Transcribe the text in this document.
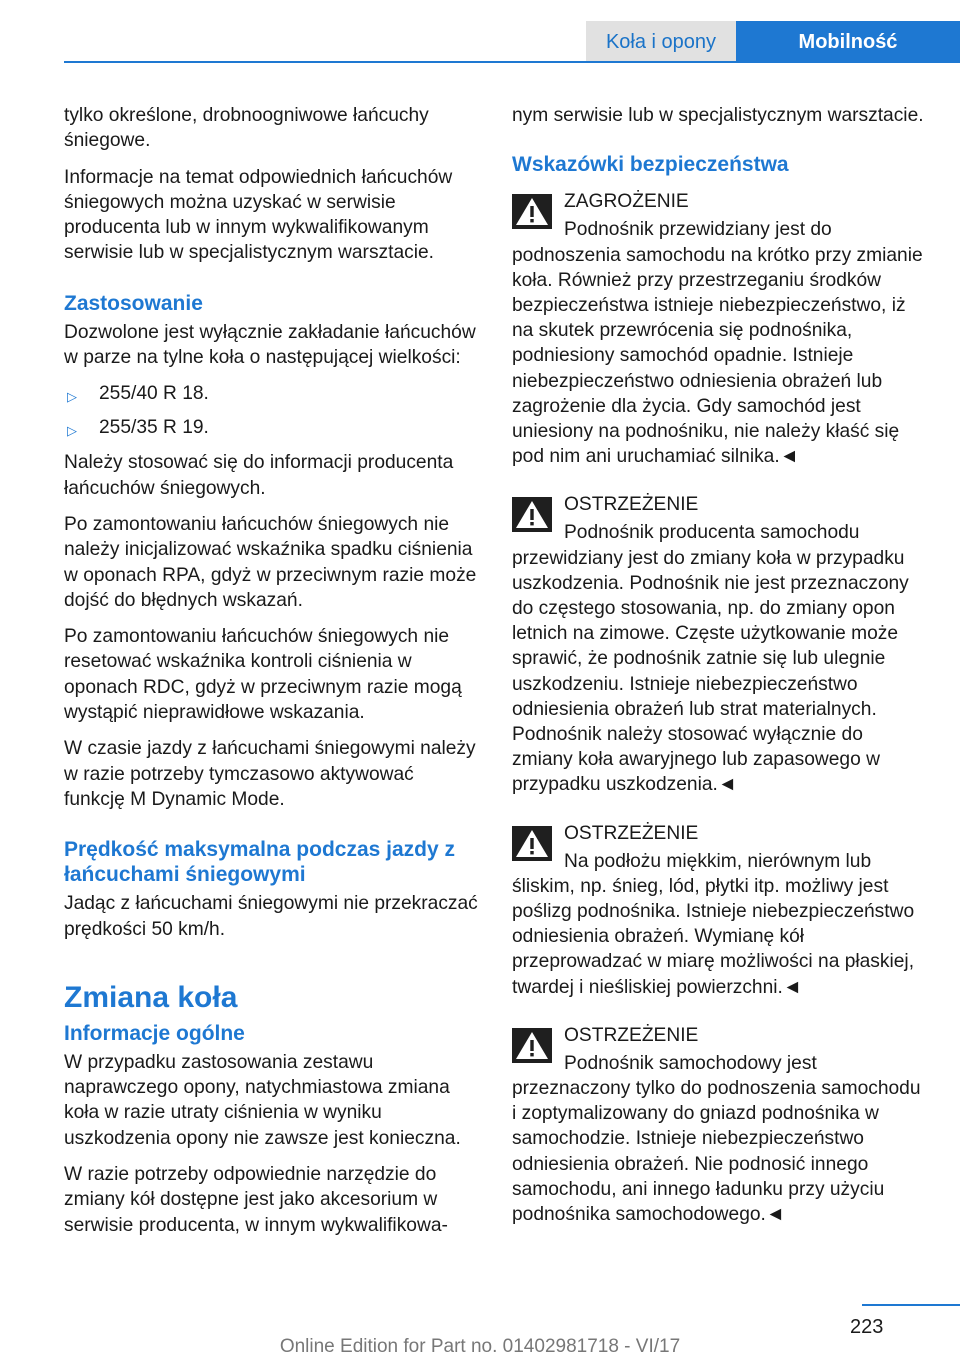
Koła i opony	Mobilność

tylko określone, drobnoogniwowe łańcuchy śniegowe.

Informacje na temat odpowiednich łańcuchów śniegowych można uzyskać w serwisie producenta lub w innym wykwalifikowanym serwisie lub w specjalistycznym warsztacie.

Zastosowanie

Dozwolone jest wyłącznie zakładanie łańcuchów w parze na tylne koła o następującej wielkości:

▷ 255/40 R 18.
▷ 255/35 R 19.

Należy stosować się do informacji producenta łańcuchów śniegowych.

Po zamontowaniu łańcuchów śniegowych nie należy inicjalizować wskaźnika spadku ciśnienia w oponach RPA, gdyż w przeciwnym razie może dojść do błędnych wskazań.

Po zamontowaniu łańcuchów śniegowych nie resetować wskaźnika kontroli ciśnienia w oponach RDC, gdyż w przeciwnym razie mogą wystąpić nieprawidłowe wskazania.

W czasie jazdy z łańcuchami śniegowymi należy w razie potrzeby tymczasowo aktywować funkcję M Dynamic Mode.

Prędkość maksymalna podczas jazdy z łańcuchami śniegowymi

Jadąc z łańcuchami śniegowymi nie przekraczać prędkości 50 km/h.

Zmiana koła
Informacje ogólne

W przypadku zastosowania zestawu naprawczego opony, natychmiastowa zmiana koła w razie utraty ciśnienia w wyniku uszkodzenia opony nie zawsze jest konieczna.

W razie potrzeby odpowiednie narzędzie do zmiany kół dostępne jest jako akcesorium w serwisie producenta, w innym wykwalifikowa-

nym serwisie lub w specjalistycznym warsztacie.

Wskazówki bezpieczeństwa
ZAGROŻENIE
Podnośnik przewidziany jest do podnoszenia samochodu na krótko przy zmianie koła. Również przy przestrzeganiu środków bezpieczeństwa istnieje niebezpieczeństwo, iż na skutek przewrócenia się podnośnika, podniesiony samochód opadnie. Istnieje niebezpieczeństwo odniesienia obrażeń lub zagrożenie dla życia. Gdy samochód jest uniesiony na podnośniku, nie należy kłaść się pod nim ani uruchamiać silnika.◄
OSTRZEŻENIE
Podnośnik producenta samochodu przewidziany jest do zmiany koła w przypadku uszkodzenia. Podnośnik nie jest przeznaczony do częstego stosowania, np. do zmiany opon letnich na zimowe. Częste użytkowanie może sprawić, że podnośnik zatnie się lub ulegnie uszkodzeniu. Istnieje niebezpieczeństwo odniesienia obrażeń lub strat materialnych. Podnośnik należy stosować wyłącznie do zmiany koła awaryjnego lub zapasowego w przypadku uszkodzenia.◄
OSTRZEŻENIE
Na podłożu miękkim, nierównym lub śliskim, np. śnieg, lód, płytki itp. możliwy jest poślizg podnośnika. Istnieje niebezpieczeństwo odniesienia obrażeń. Wymianę kół przeprowadzać w miarę możliwości na płaskiej, twardej i nieśliskiej powierzchni.◄
OSTRZEŻENIE
Podnośnik samochodowy jest przeznaczony tylko do podnoszenia samochodu i zoptymalizowany do gniazd podnośnika w samochodzie. Istnieje niebezpieczeństwo odniesienia obrażeń. Nie podnosić innego samochodu, ani innego ładunku przy użyciu podnośnika samochodowego.◄
223
Online Edition for Part no. 01402981718 - VI/17
